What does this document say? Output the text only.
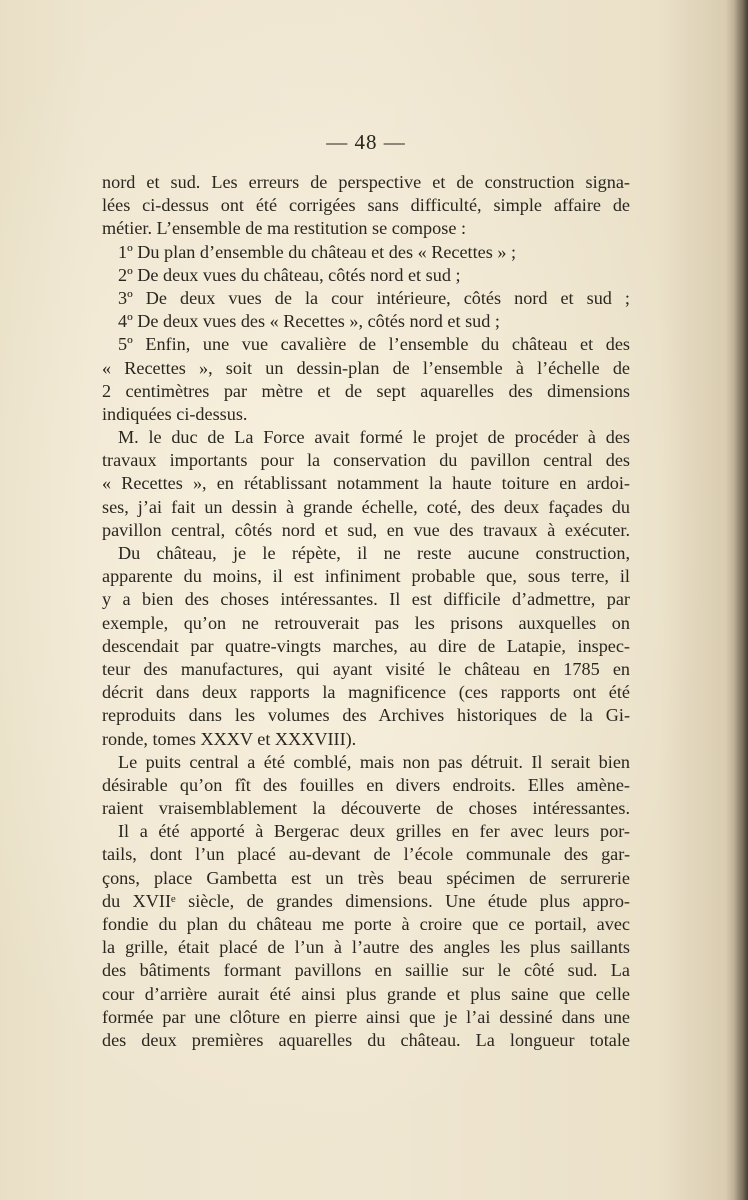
— 48 —
nord et sud. Les erreurs de perspective et de construction signa-
lées ci-dessus ont été corrigées sans difficulté, simple affaire de
métier. L’ensemble de ma restitution se compose :
1º Du plan d’ensemble du château et des « Recettes » ;
2º De deux vues du château, côtés nord et sud ;
3º De deux vues de la cour intérieure, côtés nord et sud ;
4º De deux vues des « Recettes », côtés nord et sud ;
5º Enfin, une vue cavalière de l’ensemble du château et des
« Recettes », soit un dessin-plan de l’ensemble à l’échelle de
2 centimètres par mètre et de sept aquarelles des dimensions
indiquées ci-dessus.
M. le duc de La Force avait formé le projet de procéder à des
travaux importants pour la conservation du pavillon central des
« Recettes », en rétablissant notamment la haute toiture en ardoi-
ses, j’ai fait un dessin à grande échelle, coté, des deux façades du
pavillon central, côtés nord et sud, en vue des travaux à exécuter.
Du château, je le répète, il ne reste aucune construction,
apparente du moins, il est infiniment probable que, sous terre, il
y a bien des choses intéressantes. Il est difficile d’admettre, par
exemple, qu’on ne retrouverait pas les prisons auxquelles on
descendait par quatre-vingts marches, au dire de Latapie, inspec-
teur des manufactures, qui ayant visité le château en 1785 en
décrit dans deux rapports la magnificence (ces rapports ont été
reproduits dans les volumes des Archives historiques de la Gi-
ronde, tomes XXXV et XXXVIII).
Le puits central a été comblé, mais non pas détruit. Il serait bien
désirable qu’on fît des fouilles en divers endroits. Elles amène-
raient vraisemblablement la découverte de choses intéressantes.
Il a été apporté à Bergerac deux grilles en fer avec leurs por-
tails, dont l’un placé au-devant de l’école communale des gar-
çons, place Gambetta est un très beau spécimen de serrurerie
du XVIIᵉ siècle, de grandes dimensions. Une étude plus appro-
fondie du plan du château me porte à croire que ce portail, avec
la grille, était placé de l’un à l’autre des angles les plus saillants
des bâtiments formant pavillons en saillie sur le côté sud. La
cour d’arrière aurait été ainsi plus grande et plus saine que celle
formée par une clôture en pierre ainsi que je l’ai dessiné dans une
des deux premières aquarelles du château. La longueur totale
